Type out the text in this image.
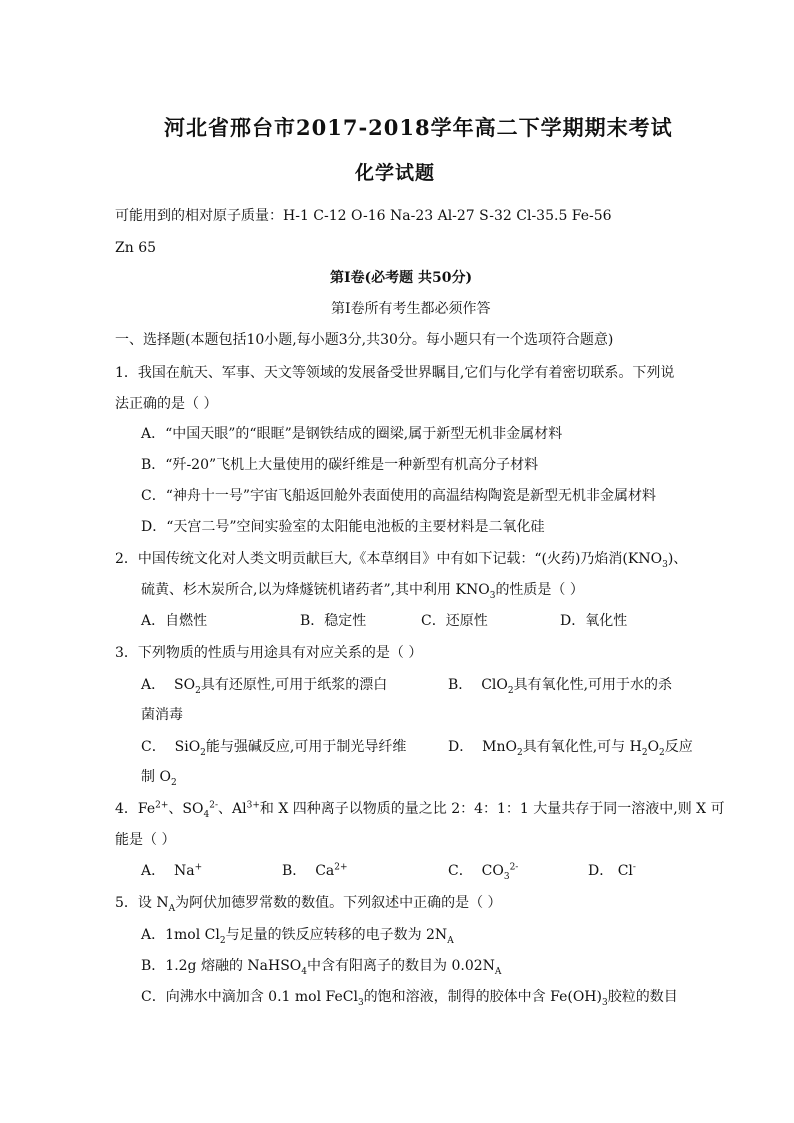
河北省邢台市2017-2018学年高二下学期期末考试
化学试题
可能用到的相对原子质量：H-1 C-12 O-16 Na-23 Al-27 S-32 Cl-35.5 Fe-56
Zn 65
第Ⅰ卷(必考题 共50分)
第Ⅰ卷所有考生都必须作答
一、选择题(本题包括10小题,每小题3分,共30分。每小题只有一个选项符合题意)
1．我国在航天、军事、天文等领域的发展备受世界瞩目,它们与化学有着密切联系。下列说
法正确的是（ ）
A．“中国天眼”的“眼眶”是钢铁结成的圈梁,属于新型无机非金属材料
B．“歼-20”飞机上大量使用的碳纤维是一种新型有机高分子材料
C．“神舟十一号”宇宙飞船返回舱外表面使用的高温结构陶瓷是新型无机非金属材料
D．“天宫二号”空间实验室的太阳能电池板的主要材料是二氧化硅
2．中国传统文化对人类文明贡献巨大,《本草纲目》中有如下记载：“(火药)乃焰消$(KNO_3)$、
硫黄、杉木炭所合,以为烽燧铳机诸药者”,其中利用 $KNO_3$的性质是（ ）
A．自燃性	B．稳定性	C．还原性	D．氧化性
3．下列物质的性质与用途具有对应关系的是（ ）
A． $SO_2$具有还原性,可用于纸浆的漂白	B． ClO$_2$具有氧化性,可用于水的杀
菌消毒
C． SiO$_2$能与强碱反应,可用于制光导纤维	D． MnO$_2$具有氧化性,可与 $H_2O_2$反应
制 $O_2$
4．$Fe^{2+}$、$SO_4^{2-}$、$Al^{3+}$和 X 四种离子以物质的量之比 2：4：1：1 大量共存于同一溶液中,则 X 可
能是（ ）
A． Na+	B． $Ca^{2+}$	C． $CO_3^{2-}$	D． Cl-
5．设 $N_A$为阿伏加德罗常数的数值。下列叙述中正确的是（ ）
A．1mol $Cl_2$与足量的铁反应转移的电子数为 $2N_A$
B．1.2g 熔融的 NaHSO$_4$中含有阳离子的数目为 $0.02N_A$
C．向沸水中滴加含 0.1 mol FeCl$_3$的饱和溶液，制得的胶体中含 $Fe(OH)_3$胶粒的数目
